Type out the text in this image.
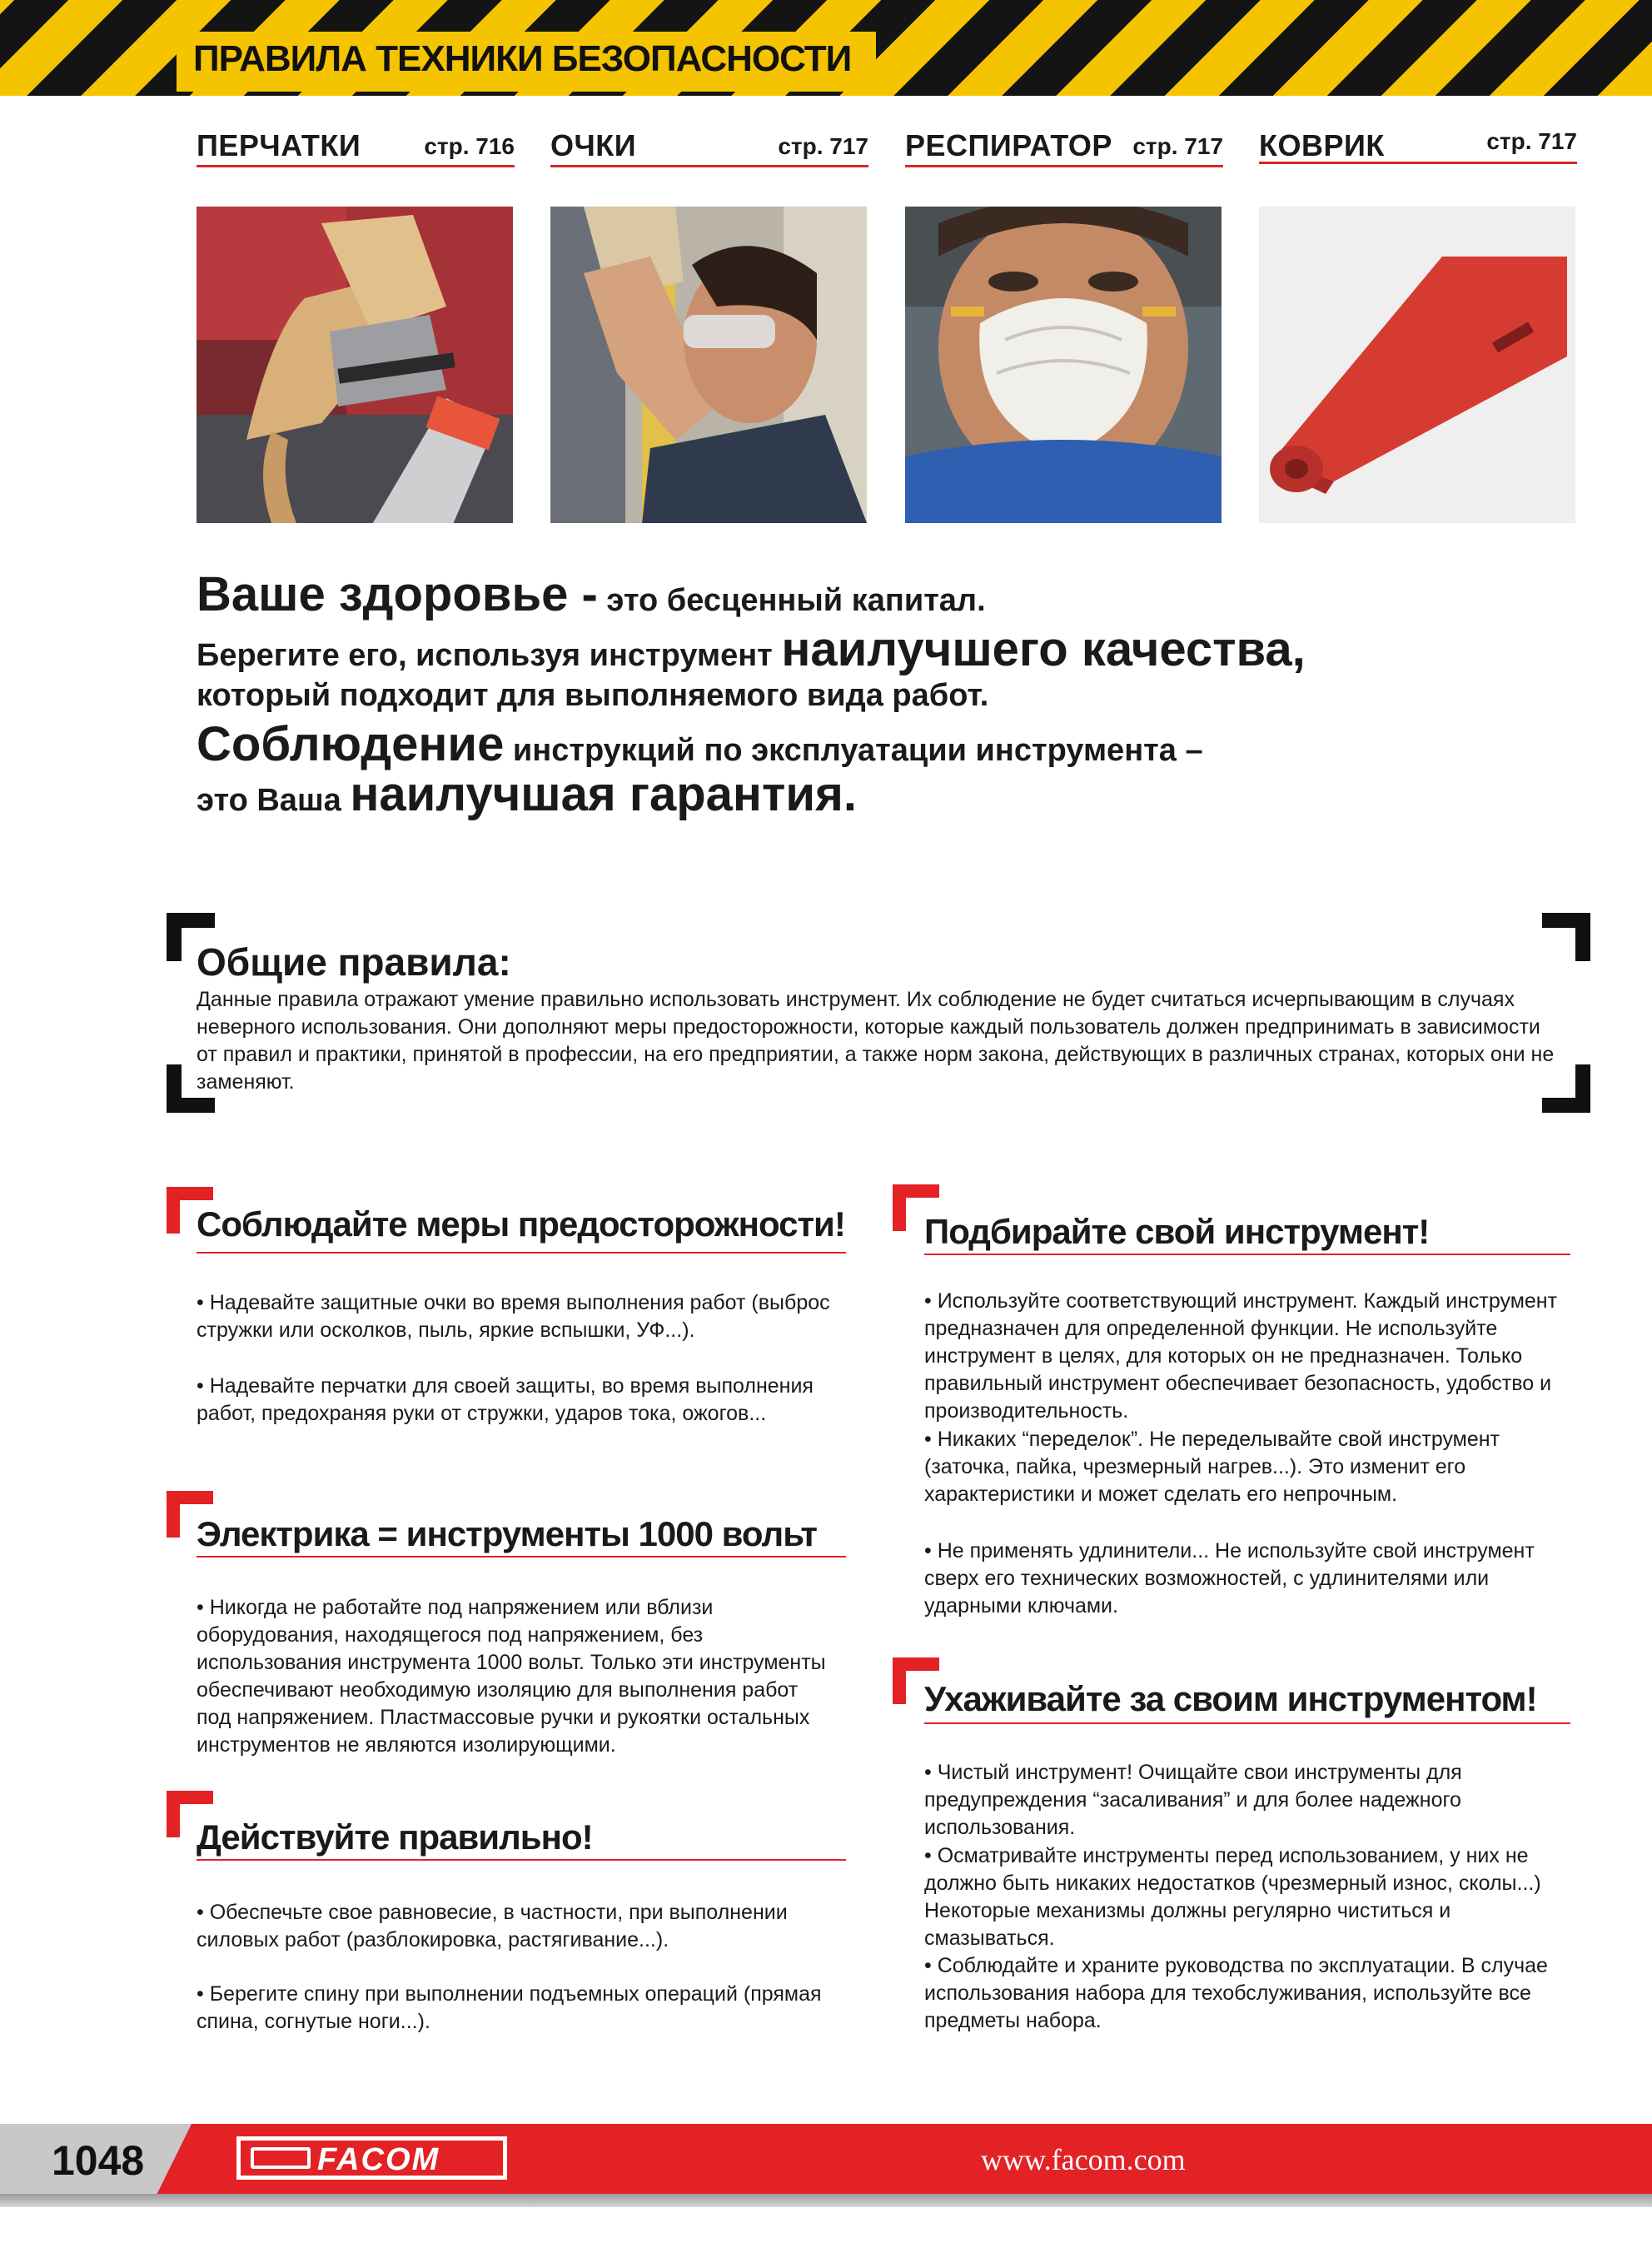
ПРАВИЛА ТЕХНИКИ БЕЗОПАСНОСТИ
ПЕРЧАТКИ	стр. 716 ОЧКИ	стр. 717 РЕСПИРАТОР стр. 717 КОВРИК	стр. 717
Ваше здоровье - это бесценный капитал.
Берегите его, используя инструмент наилучшего качества,
который подходит для выполняемого вида работ.
Соблюдение инструкций по эксплуатации инструмента –
это Ваша наилучшая гарантия.
Общие правила:
Данные правила отражают умение правильно использовать инструмент. Их соблюдение не будет считаться исчерпывающим в случаях неверного использования. Они дополняют меры предосторожности, которые каждый пользователь должен предпринимать в зависимости от правил и практики, принятой в профессии, на его предприятии, а также норм закона, действующих в различных странах, которых они не заменяют.
Соблюдайте меры предосторожности!
• Надевайте защитные очки во время выполнения работ (выброс стружки или осколков, пыль, яркие вспышки, УФ...).
• Надевайте перчатки для своей защиты, во время выполнения работ, предохраняя руки от стружки, ударов тока, ожогов...
Электрика = инструменты 1000 вольт
• Никогда не работайте под напряжением или вблизи оборудования, находящегося под напряжением, без использования инструмента 1000 вольт. Только эти инструменты обеспечивают необходимую изоляцию для выполнения работ под напряжением. Пластмассовые ручки и рукоятки остальных инструментов не являются изолирующими.
Действуйте правильно!
• Обеспечьте свое равновесие, в частности, при выполнении силовых работ (разблокировка, растягивание...).
• Берегите спину при выполнении подъемных операций (прямая спина, согнутые ноги...).
Подбирайте свой инструмент!
• Используйте соответствующий инструмент. Каждый инструмент предназначен для определенной функции. Не используйте инструмент в целях, для которых он не предназначен. Только правильный инструмент обеспечивает безопасность, удобство и производительность.
• Никаких “переделок”. Не переделывайте свой инструмент (заточка, пайка, чрезмерный нагрев...). Это изменит его характеристики и может сделать его непрочным.
• Не применять удлинители... Не используйте свой инструмент сверх его технических возможностей, с удлинителями или ударными ключами.
Ухаживайте за своим инструментом!
• Чистый инструмент! Очищайте свои инструменты для предупреждения “засаливания” и для более надежного использования.
• Осматривайте инструменты перед использованием, у них не должно быть никаких недостатков (чрезмерный износ, сколы...) Некоторые механизмы должны регулярно чиститься и смазываться.
• Соблюдайте и храните руководства по эксплуатации. В случае использования набора для техобслуживания, используйте все предметы набора.
1048	FACOM	www.facom.com
